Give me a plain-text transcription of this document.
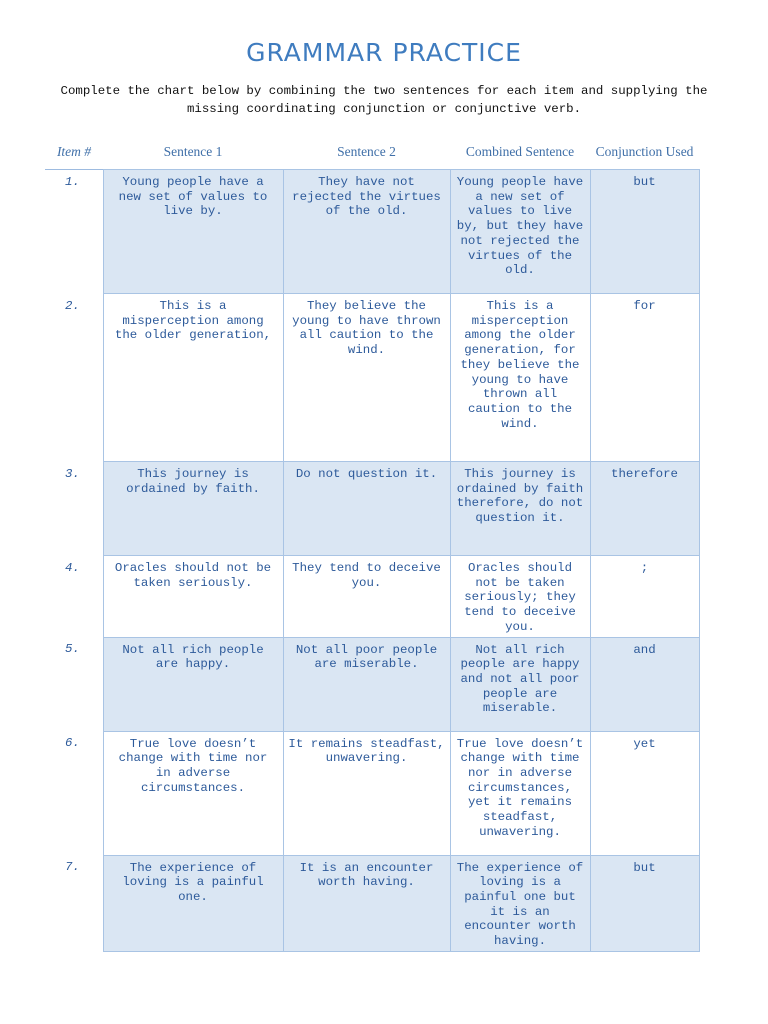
GRAMMAR PRACTICE
Complete the chart below by combining the two sentences for each item and supplying the missing coordinating conjunction or conjunctive verb.
Item #	Sentence 1	Sentence 2	Combined Sentence	Conjunction Used
1.	Young people have a new set of values to live by.	They have not rejected the virtues of the old.	Young people have a new set of values to live by, but they have not rejected the virtues of the old.	but
2.	This is a misperception among the older generation,	They believe the young to have thrown all caution to the wind.	This is a misperception among the older generation, for they believe the young to have thrown all caution to the wind.	for
3.	This journey is ordained by faith.	Do not question it.	This journey is ordained by faith therefore, do not question it.	therefore
4.	Oracles should not be taken seriously.	They tend to deceive you.	Oracles should not be taken seriously; they tend to deceive you.	;
5.	Not all rich people are happy.	Not all poor people are miserable.	Not all rich people are happy and not all poor people are miserable.	and
6.	True love doesn’t change with time nor in adverse circumstances.	It remains steadfast, unwavering.	True love doesn’t change with time nor in adverse circumstances, yet it remains steadfast, unwavering.	yet
7.	The experience of loving is a painful one.	It is an encounter worth having.	The experience of loving is a painful one but it is an encounter worth having.	but
